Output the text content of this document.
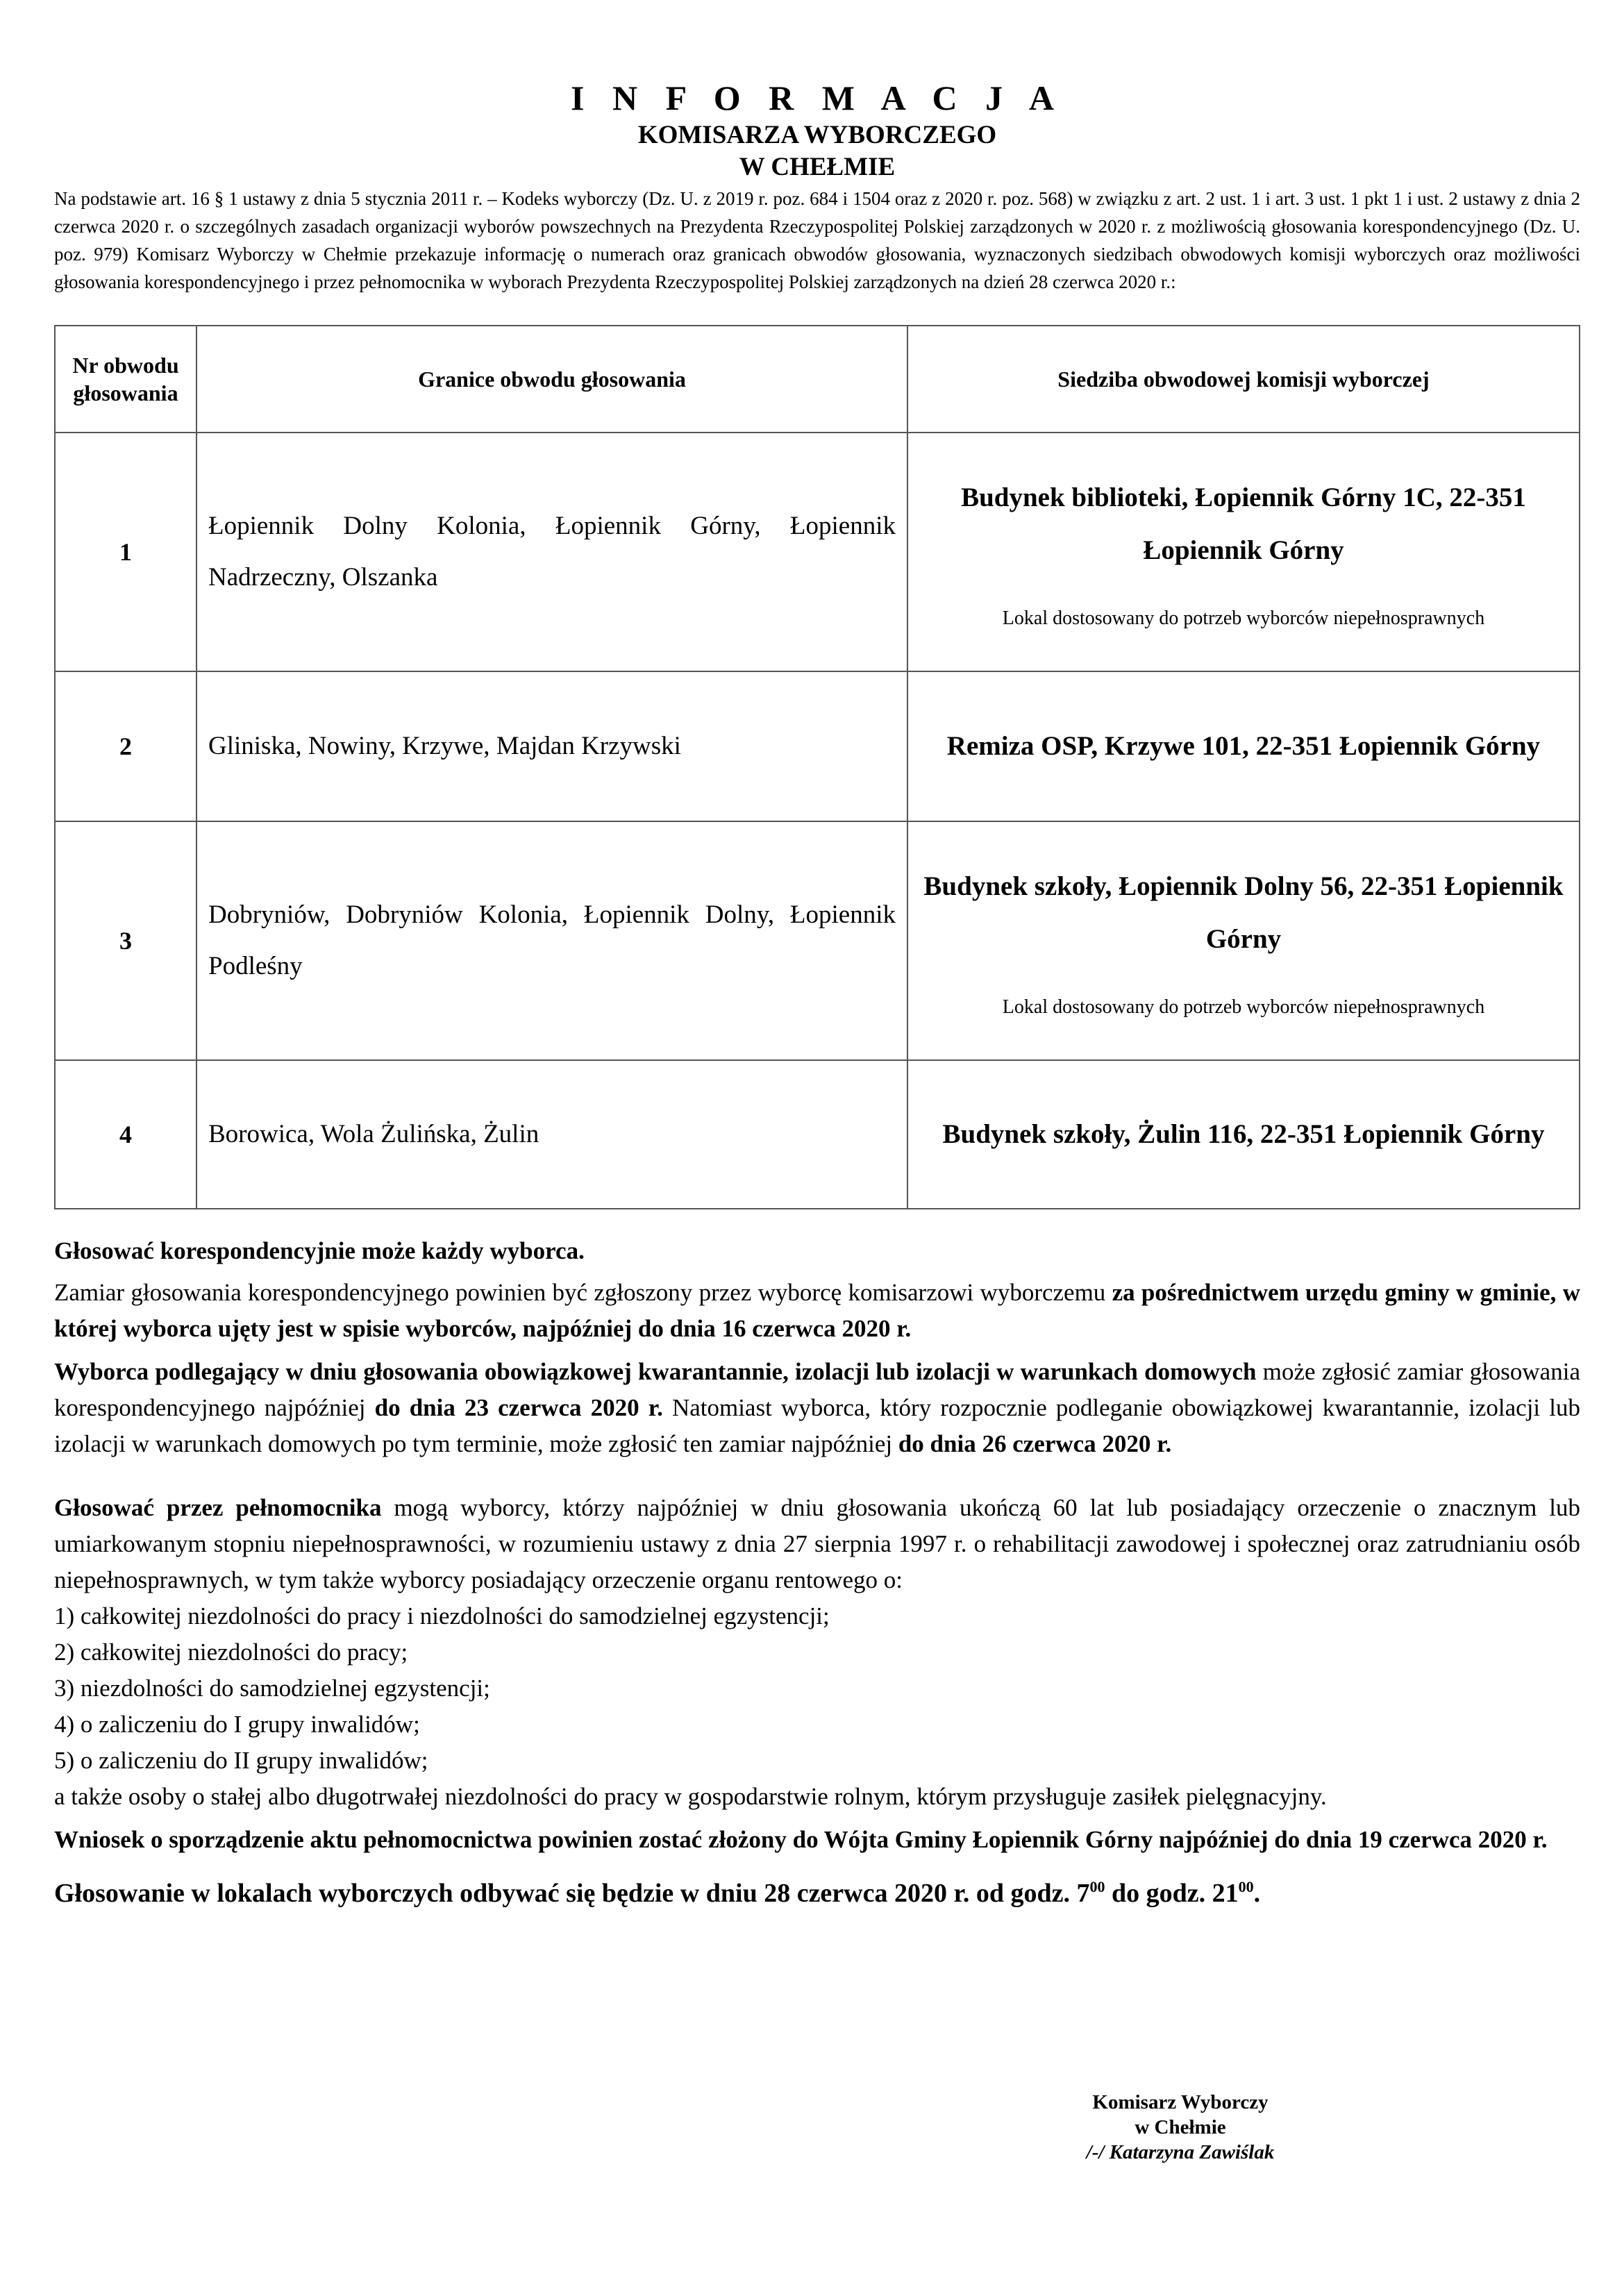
I N F O R M A C J A
KOMISARZA WYBORCZEGO
W CHEŁMIE
Na podstawie art. 16 § 1 ustawy z dnia 5 stycznia 2011 r. – Kodeks wyborczy (Dz. U. z 2019 r. poz. 684 i 1504 oraz z 2020 r. poz. 568) w związku z art. 2 ust. 1 i art. 3 ust. 1 pkt 1 i ust. 2 ustawy z dnia 2 czerwca 2020 r. o szczególnych zasadach organizacji wyborów powszechnych na Prezydenta Rzeczypospolitej Polskiej zarządzonych w 2020 r. z możliwością głosowania korespondencyjnego (Dz. U. poz. 979) Komisarz Wyborczy w Chełmie przekazuje informację o numerach oraz granicach obwodów głosowania, wyznaczonych siedzibach obwodowych komisji wyborczych oraz możliwości głosowania korespondencyjnego i przez pełnomocnika w wyborach Prezydenta Rzeczypospolitej Polskiej zarządzonych na dzień 28 czerwca 2020 r.:
Nr obwodu
głosowania	Granice obwodu głosowania	Siedziba obwodowej komisji wyborczej
1	Łopiennik Dolny Kolonia, Łopiennik Górny, Łopiennik Nadrzeczny, Olszanka	Budynek biblioteki, Łopiennik Górny 1C, 22-351 Łopiennik Górny
Lokal dostosowany do potrzeb wyborców niepełnosprawnych

2	Gliniska, Nowiny, Krzywe, Majdan Krzywski	Remiza OSP, Krzywe 101, 22-351 Łopiennik Górny

3	Dobryniów, Dobryniów Kolonia, Łopiennik Dolny, Łopiennik Podleśny	Budynek szkoły, Łopiennik Dolny 56, 22-351 Łopiennik Górny
Lokal dostosowany do potrzeb wyborców niepełnosprawnych

4	Borowica, Wola Żulińska, Żulin	Budynek szkoły, Żulin 116, 22-351 Łopiennik Górny

Głosować korespondencyjnie może każdy wyborca.

Zamiar głosowania korespondencyjnego powinien być zgłoszony przez wyborcę komisarzowi wyborczemu za pośrednictwem urzędu gminy w gminie, w której wyborca ujęty jest w spisie wyborców, najpóźniej do dnia 16 czerwca 2020 r.

Wyborca podlegający w dniu głosowania obowiązkowej kwarantannie, izolacji lub izolacji w warunkach domowych może zgłosić zamiar głosowania korespondencyjnego najpóźniej do dnia 23 czerwca 2020 r. Natomiast wyborca, który rozpocznie podleganie obowiązkowej kwarantannie, izolacji lub izolacji w warunkach domowych po tym terminie, może zgłosić ten zamiar najpóźniej do dnia 26 czerwca 2020 r.

Głosować przez pełnomocnika mogą wyborcy, którzy najpóźniej w dniu głosowania ukończą 60 lat lub posiadający orzeczenie o znacznym lub umiarkowanym stopniu niepełnosprawności, w rozumieniu ustawy z dnia 27 sierpnia 1997 r. o rehabilitacji zawodowej i społecznej oraz zatrudnianiu osób niepełnosprawnych, w tym także wyborcy posiadający orzeczenie organu rentowego o:

1) całkowitej niezdolności do pracy i niezdolności do samodzielnej egzystencji;

2) całkowitej niezdolności do pracy;

3) niezdolności do samodzielnej egzystencji;

4) o zaliczeniu do I grupy inwalidów;

5) o zaliczeniu do II grupy inwalidów;

a także osoby o stałej albo długotrwałej niezdolności do pracy w gospodarstwie rolnym, którym przysługuje zasiłek pielęgnacyjny.

Wniosek o sporządzenie aktu pełnomocnictwa powinien zostać złożony do Wójta Gminy Łopiennik Górny najpóźniej do dnia 19 czerwca 2020 r.

Głosowanie w lokalach wyborczych odbywać się będzie w dniu 28 czerwca 2020 r. od godz. $7^{00}$ do godz. $21^{00}$.
Komisarz Wyborczy
w Chełmie
/-/ Katarzyna Zawiślak
